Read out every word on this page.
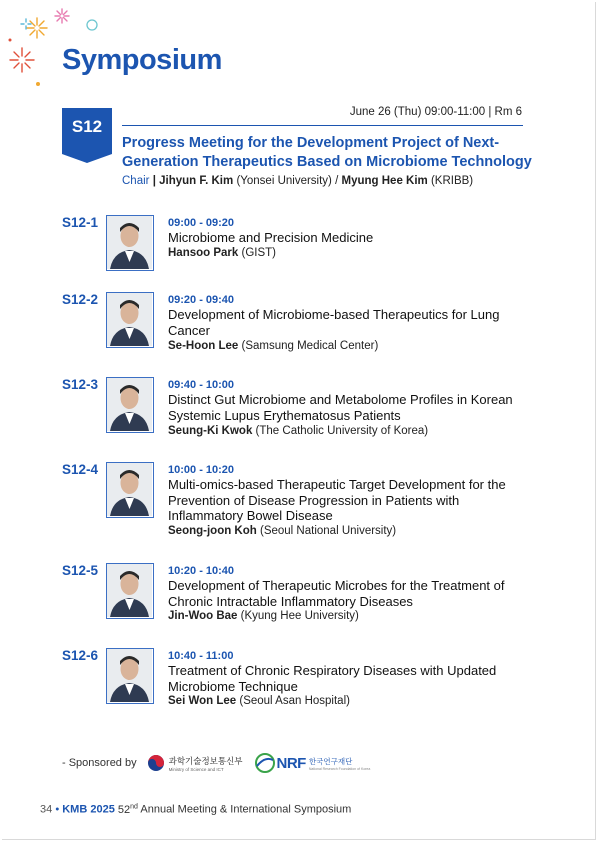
Symposium
June 26 (Thu) 09:00-11:00 | Rm 6
S12
Progress Meeting for the Development Project of Next-Generation Therapeutics Based on Microbiome Technology
Chair | Jihyun F. Kim (Yonsei University) / Myung Hee Kim (KRIBB)
S12-1	09:00 - 09:20
Microbiome and Precision Medicine
Hansoo Park (GIST)
S12-2	09:20 - 09:40
Development of Microbiome-based Therapeutics for Lung Cancer
Se-Hoon Lee (Samsung Medical Center)
S12-3	09:40 - 10:00
Distinct Gut Microbiome and Metabolome Profiles in Korean Systemic Lupus Erythematosus Patients
Seung-Ki Kwok (The Catholic University of Korea)
S12-4	10:00 - 10:20
Multi-omics-based Therapeutic Target Development for the Prevention of Disease Progression in Patients with Inflammatory Bowel Disease
Seong-joon Koh (Seoul National University)
S12-5	10:20 - 10:40
Development of Therapeutic Microbes for the Treatment of Chronic Intractable Inflammatory Diseases
Jin-Woo Bae (Kyung Hee University)
S12-6	10:40 - 11:00
Treatment of Chronic Respiratory Diseases with Updated Microbiome Technique
Sei Won Lee (Seoul Asan Hospital)
- Sponsored by	과학기술정보통신부
Ministry of Science and ICT	NRF 한국연구재단
National Research Foundation of Korea
34 • KMB 2025 52nd Annual Meeting & International Symposium
